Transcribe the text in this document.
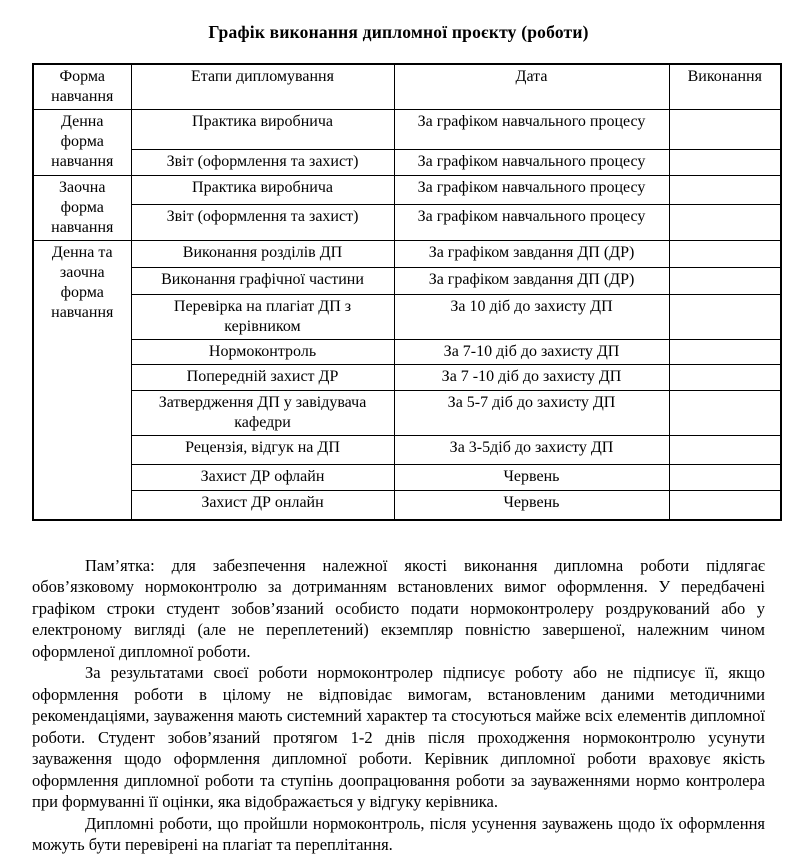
Графік виконання дипломної проєкту (роботи)
Форма навчання	Етапи дипломування	Дата	Виконання
Денна форма навчання	Практика виробнича	За графіком навчального процесу	
	Звіт (оформлення та захист)	За графіком навчального процесу	
Заочна форма навчання	Практика виробнича	За графіком навчального процесу	
	Звіт (оформлення та захист)	За графіком навчального процесу	
Денна та заочна форма навчання	Виконання розділів ДП	За графіком завдання ДП (ДР)	
	Виконання графічної частини	За графіком завдання ДП (ДР)	
	Перевірка на плагіат ДП з керівником	За 10 діб до захисту ДП	
	Нормоконтроль	За 7-10 діб до захисту ДП	
	Попередній захист ДР	За 7 -10 діб до захисту ДП	
	Затвердження ДП у завідувача кафедри	За 5-7 діб до захисту ДП	
	Рецензія, відгук на ДП	За 3-5діб до захисту ДП	
	Захист ДР офлайн	Червень	
	Захист ДР онлайн	Червень	

Пам’ятка: для забезпечення належної якості виконання дипломна роботи підлягає обов’язковому нормоконтролю за дотриманням встановлених вимог оформлення. У передбачені графіком строки студент зобов’язаний особисто подати нормоконтролеру роздрукований або у електроному вигляді (але не переплетений) екземпляр повністю завершеної, належним чином оформленої дипломної роботи.

За результатами своєї роботи нормоконтролер підписує роботу або не підписує її, якщо оформлення роботи в цілому не відповідає вимогам, встановленим даними методичними рекомендаціями, зауваження мають системний характер та стосуються майже всіх елементів дипломної роботи. Студент зобов’язаний протягом 1-2 днів після проходження нормоконтролю усунути зауваження щодо оформлення дипломної роботи. Керівник дипломної роботи враховує якість оформлення дипломної роботи та ступінь доопрацювання роботи за зауваженнями нормо контролера при формуванні її оцінки, яка відображається у відгуку керівника.

Дипломні роботи, що пройшли нормоконтроль, після усунення зауважень щодо їх оформлення можуть бути перевірені на плагіат та переплітання.
